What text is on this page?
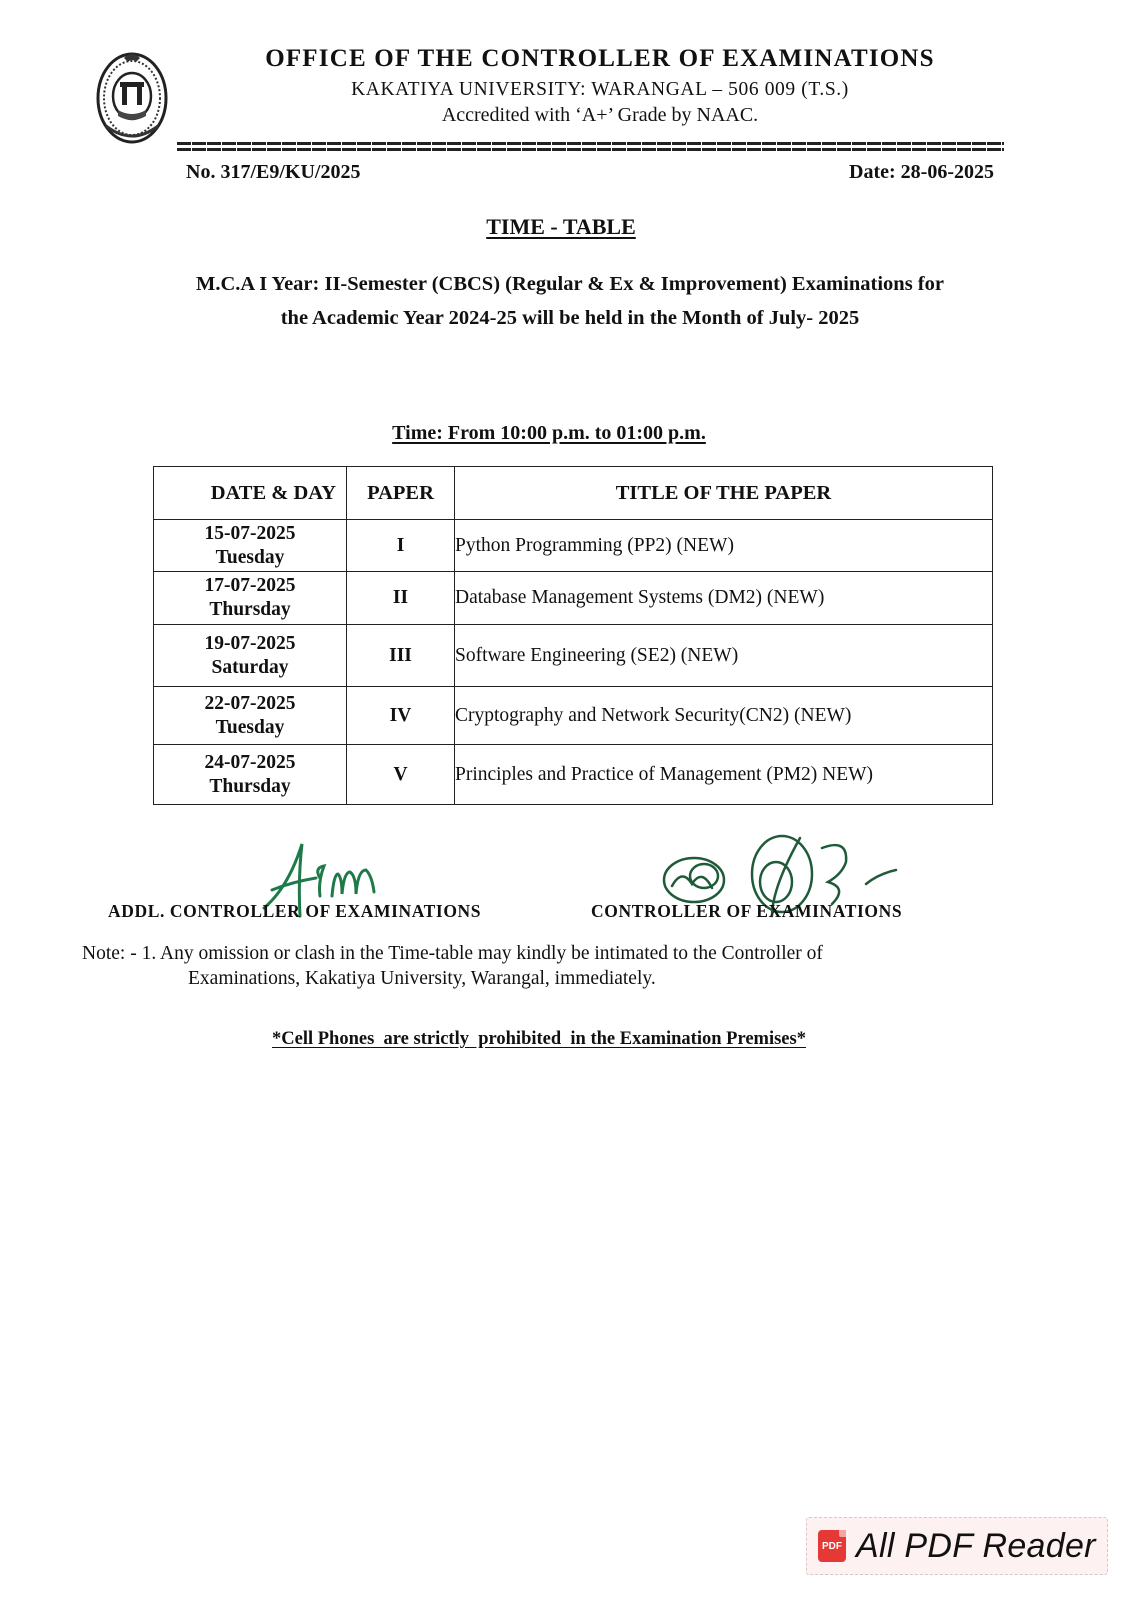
OFFICE OF THE CONTROLLER OF EXAMINATIONS
KAKATIYA UNIVERSITY: WARANGAL – 506 009 (T.S.)
Accredited with ‘A+’ Grade by NAAC.
No. 317/E9/KU/2025	Date: 28-06-2025
TIME - TABLE
M.C.A I Year: II-Semester (CBCS) (Regular & Ex & Improvement) Examinations for
the Academic Year 2024-25 will be held in the Month of July- 2025
Time: From 10:00 p.m. to 01:00 p.m.
DATE & DAY	PAPER	TITLE OF THE PAPER

15-07-2025
Tuesday	I	Python Programming (PP2) (NEW)

17-07-2025
Thursday	II	Database Management Systems (DM2) (NEW)

19-07-2025
Saturday	III	Software Engineering (SE2) (NEW)

22-07-2025
Tuesday	IV	Cryptography and Network Security(CN2) (NEW)

24-07-2025
Thursday	V	Principles and Practice of Management (PM2) NEW)
ADDL. CONTROLLER OF EXAMINATIONS	CONTROLLER OF EXAMINATIONS
Note: - 1. Any omission or clash in the Time-table may kindly be intimated to the Controller of
Examinations, Kakatiya University, Warangal, immediately.
*Cell Phones  are strictly  prohibited  in the Examination Premises*
PDF All PDF Reader
